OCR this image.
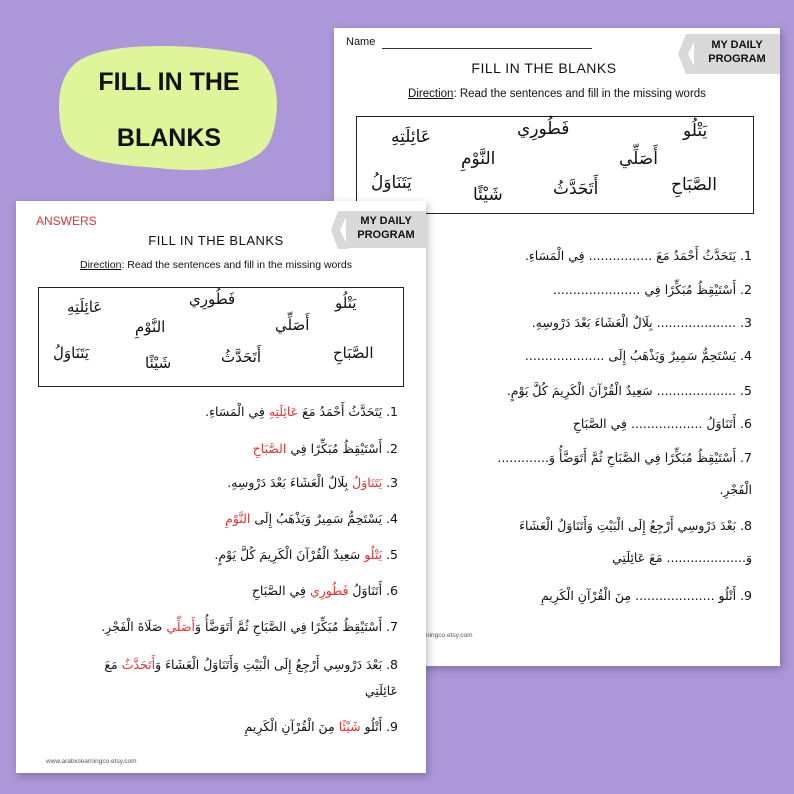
FILL IN THE
BLANKS
Name	MY DAILY
PROGRAM
FILL IN THE BLANKS
Direction: Read the sentences and fill in the missing words
عَائِلَتِهِ	فَطُورِي	يَتْلُو
النَّوْمِ	أَصَلِّي
يَتَنَاوَلُ	أَتَحَدَّثُ
شَيْئًا	الصَّبَاحِ
1. يَتَحَدَّثُ أَحْمَدُ مَعَ ................ فِي الْمَسَاءِ.
2. أَسْتَيْقِظُ مُبَكِّرًا فِي ......................
3. .................... بِلَالٌ الْعَشَاءَ بَعْدَ دَرْوسِهِ.
4. يَسْتَحِمُّ سَمِيرٌ وَيَذْهَبُ إِلَى ....................
5. .................... سَعِيدٌ الْقُرْآنَ الْكَرِيمَ كُلَّ يَوْمٍ.
6. أَتَنَاوَلُ .................. فِي الصَّبَاحِ
7. أَسْتَيْقِظُ مُبَكِّرًا فِي الصَّبَاحِ ثُمَّ أَتَوَضَّأُ وَ.............
الْفَجْرِ.
8. بَعْدَ دَرْوسِي أَرْجِعُ إِلَى الْبَيْتِ وَأَتَنَاوَلُ الْعَشَاءَ
وَ.................... مَعَ عَائِلَتِي
9. أَتْلُو .................... مِنَ الْقُرْآنِ الْكَرِيمِ
ningco.etsy.com
ANSWERS	MY DAILY
PROGRAM
FILL IN THE BLANKS
Direction: Read the sentences and fill in the missing words
عَائِلَتِهِ	فَطُورِي	يَتْلُو
النَّوْمِ	أَصَلِّي
يَتَنَاوَلُ	أَتَحَدَّثُ
شَيْئًا
الصَّبَاحِ
1. يَتَحَدَّثُ أَحْمَدُ مَعَ عَائِلَتِهِ فِي الْمَسَاءِ.
2. أَسْتَيْقِظُ مُبَكِّرًا فِي الصَّبَاحِ
3. يَتَنَاوَلُ بِلَالٌ الْعَشَاءَ بَعْدَ دَرْوسِهِ.
4. يَسْتَحِمُّ سَمِيرٌ وَيَذْهَبُ إِلَى النَّوْمِ
5. يَتْلُو سَعِيدٌ الْقُرْآنَ الْكَرِيمَ كُلَّ يَوْمٍ.
6. أَتَنَاوَلُ فَطُورِي فِي الصَّبَاحِ
7. أَسْتَيْقِظُ مُبَكِّرًا فِي الصَّبَاحِ ثُمَّ أَتَوَضَّأُ وَأَصَلِّي صَلَاةَ الْفَجْرِ.
8. بَعْدَ دَرْوسِي أَرْجِعُ إِلَى الْبَيْتِ وَأَتَنَاوَلُ الْعَشَاءَ وَأَتَحَدَّثُ مَعَ
عَائِلَتِي
9. أَتْلُو شَيْئًا مِنَ الْقُرْآنِ الْكَرِيمِ
www.arabiclearningco.etsy.com
